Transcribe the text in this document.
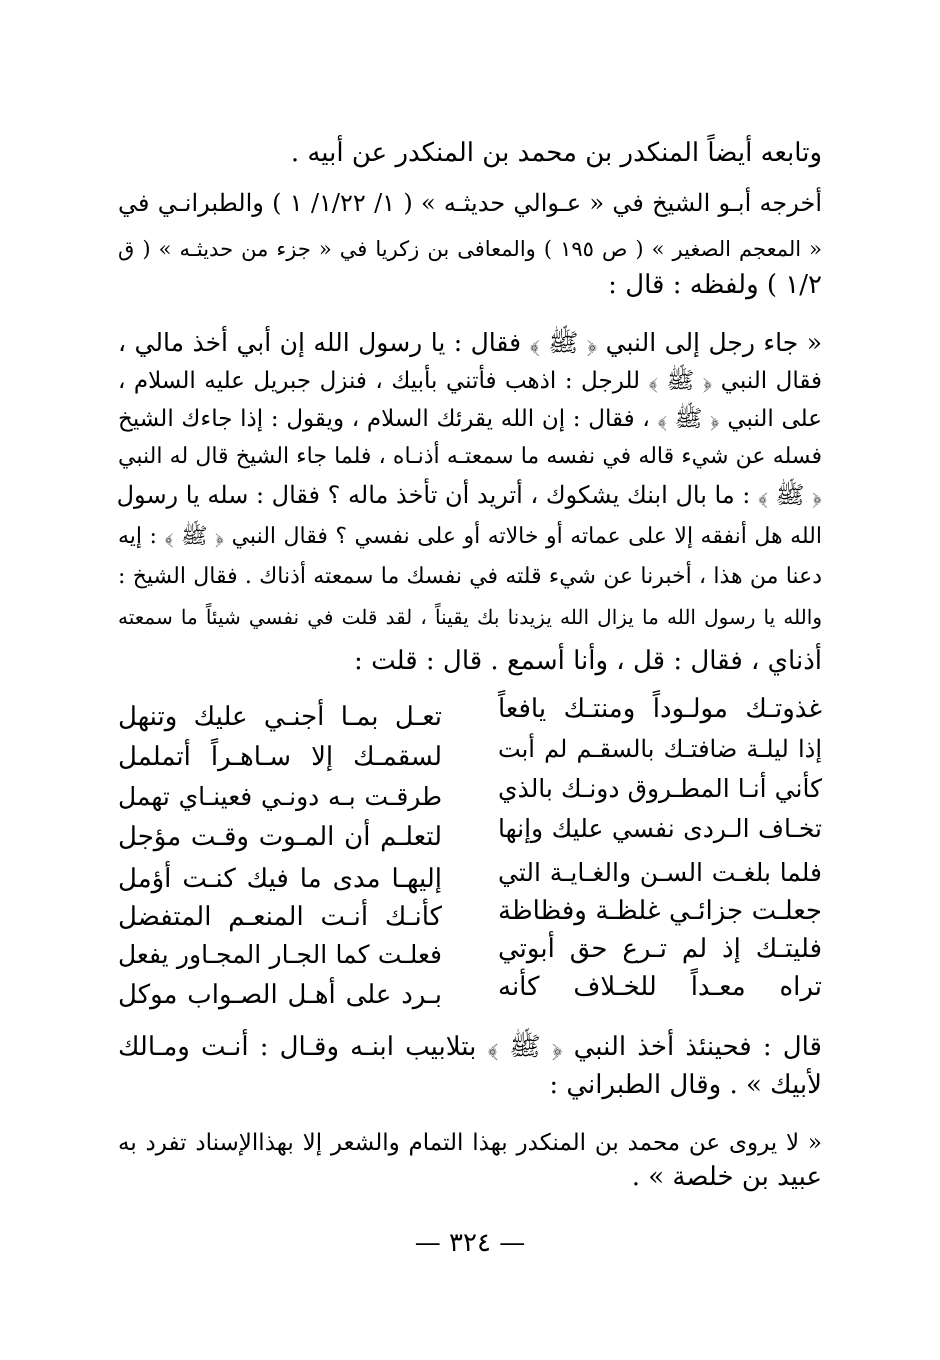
وتابعه أيضاً المنكدر بن محمد بن المنكدر عن أبيه .
أخرجه أبـو الشيخ في « عـوالي حديثـه » ( ١/ ١/٢٢/ ١ ) والطبرانـي في
« المعجم الصغير » ( ص ١٩٥ ) والمعافى بن زكريا في « جزء من حديثـه » ( ق
١/٢ ) ولفظه : قال :
« جاء رجل إلى النبي ﴿ ﷺ ﴾ فقال : يا رسول الله إن أبي أخذ مالي ،
فقال النبي ﴿ ﷺ ﴾ للرجل : اذهب فأتني بأبيك ، فنزل جبريل عليه السلام ،
على النبي ﴿ ﷺ ﴾ ، فقال : إن الله يقرئك السلام ، ويقول : إذا جاءك الشيخ
فسله عن شيء قاله في نفسه ما سمعتـه أذنـاه ، فلما جاء الشيخ قال له النبي
﴿ ﷺ ﴾ : ما بال ابنك يشكوك ، أتريد أن تأخذ ماله ؟ فقال : سله يا رسول
الله هل أنفقه إلا على عماته أو خالاته أو على نفسي ؟ فقال النبي ﴿ ﷺ ﴾ : إيه
دعنا من هذا ، أخبرنا عن شيء قلته في نفسك ما سمعته أذناك . فقال الشيخ :
والله يا رسول الله ما يزال الله يزيدنا بك يقيناً ، لقد قلت في نفسي شيئاً ما سمعته
أذناي ، فقال : قل ، وأنا أسمع . قال : قلت :
غذوتـك مولـوداً ومنتـك يافعاً
تعـل بمـا أجنـي عليك وتنهل
إذا ليلـة ضافتـك بالسقـم لم أبت
لسقمـك إلا سـاهـراً أتململ
كأني أنـا المطـروق دونـك بالذي
طرقـت بـه دونـي فعينـاي تهمل
تخـاف الـردى نفسي عليك وإنها
لتعلـم أن المـوت وقـت مؤجل
فلما بلغـت السـن والغـايـة التي
إليهـا مدى ما فيك كنـت أؤمل
جعلـت جزائـي غلظـة وفظاظة
كأنـك أنـت المنعـم المتفضل
فليتـك إذ لم تـرع حق أبوتي
فعلـت كما الجـار المجـاور يفعل
تراه معـداً للخـلاف كأنه
بـرد على أهـل الصـواب موكل
قال : فحينئذ أخذ النبي ﴿ ﷺ ﴾ بتلابيب ابنـه وقـال : أنـت ومـالك
لأبيك » . وقال الطبراني :
« لا يروى عن محمد بن المنكدر بهذا التمام والشعر إلا بهذاالإسناد تفرد به
عبيد بن خلصة » .
— ٣٢٤ —
